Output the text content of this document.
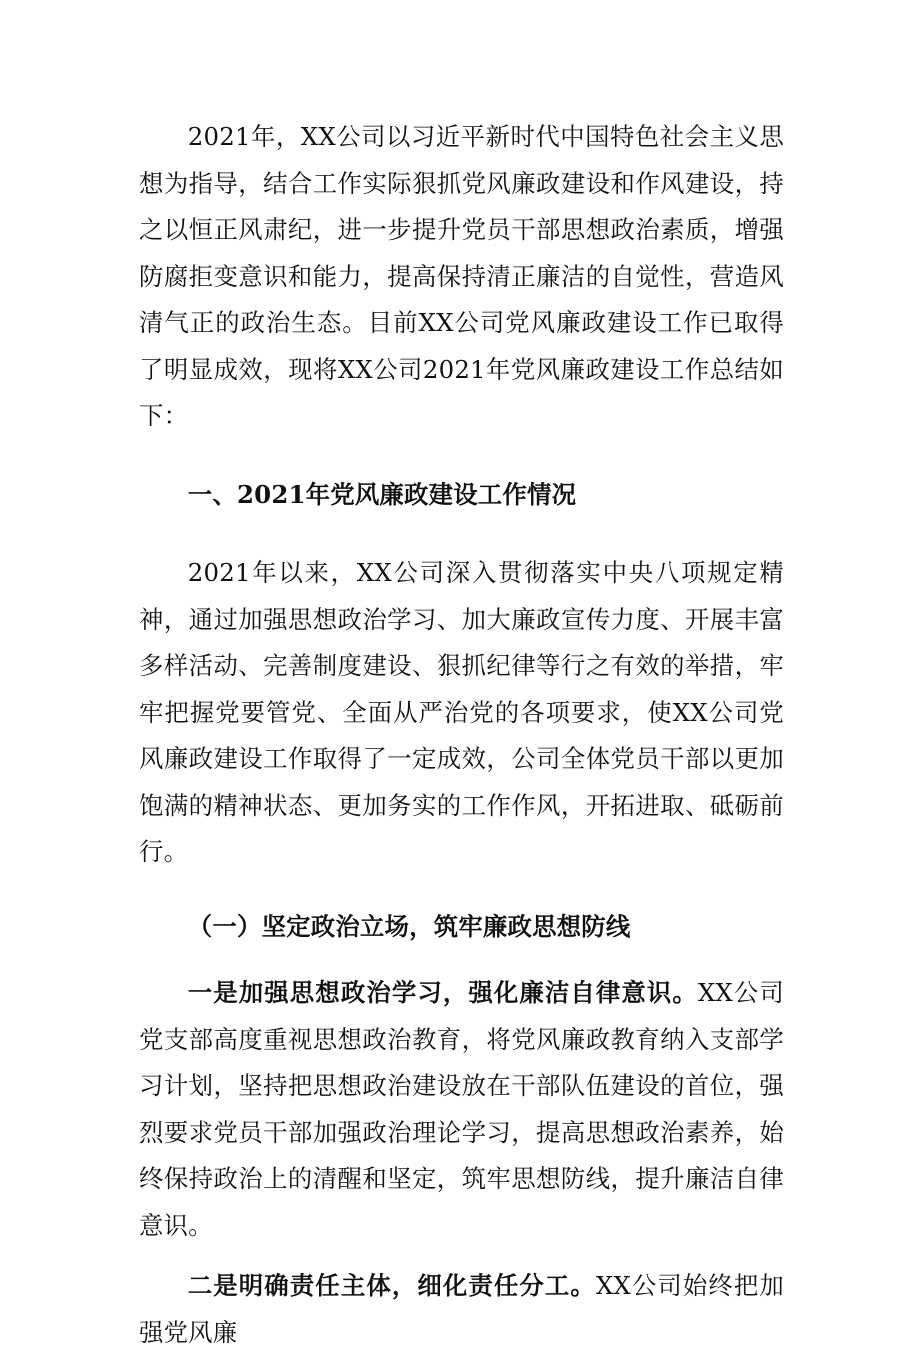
2021年，XX公司以习近平新时代中国特色社会主义思想为指导，结合工作实际狠抓党风廉政建设和作风建设，持之以恒正风肃纪，进一步提升党员干部思想政治素质，增强防腐拒变意识和能力，提高保持清正廉洁的自觉性，营造风清气正的政治生态。目前XX公司党风廉政建设工作已取得了明显成效，现将XX公司2021年党风廉政建设工作总结如下：

一、2021年党风廉政建设工作情况

2021年以来，XX公司深入贯彻落实中央八项规定精神，通过加强思想政治学习、加大廉政宣传力度、开展丰富多样活动、完善制度建设、狠抓纪律等行之有效的举措，牢牢把握党要管党、全面从严治党的各项要求，使XX公司党风廉政建设工作取得了一定成效，公司全体党员干部以更加饱满的精神状态、更加务实的工作作风，开拓进取、砥砺前行。

（一）坚定政治立场，筑牢廉政思想防线

一是加强思想政治学习，强化廉洁自律意识。XX公司党支部高度重视思想政治教育，将党风廉政教育纳入支部学习计划，坚持把思想政治建设放在干部队伍建设的首位，强烈要求党员干部加强政治理论学习，提高思想政治素养，始终保持政治上的清醒和坚定，筑牢思想防线，提升廉洁自律意识。

二是明确责任主体，细化责任分工。XX公司始终把加强党风廉
